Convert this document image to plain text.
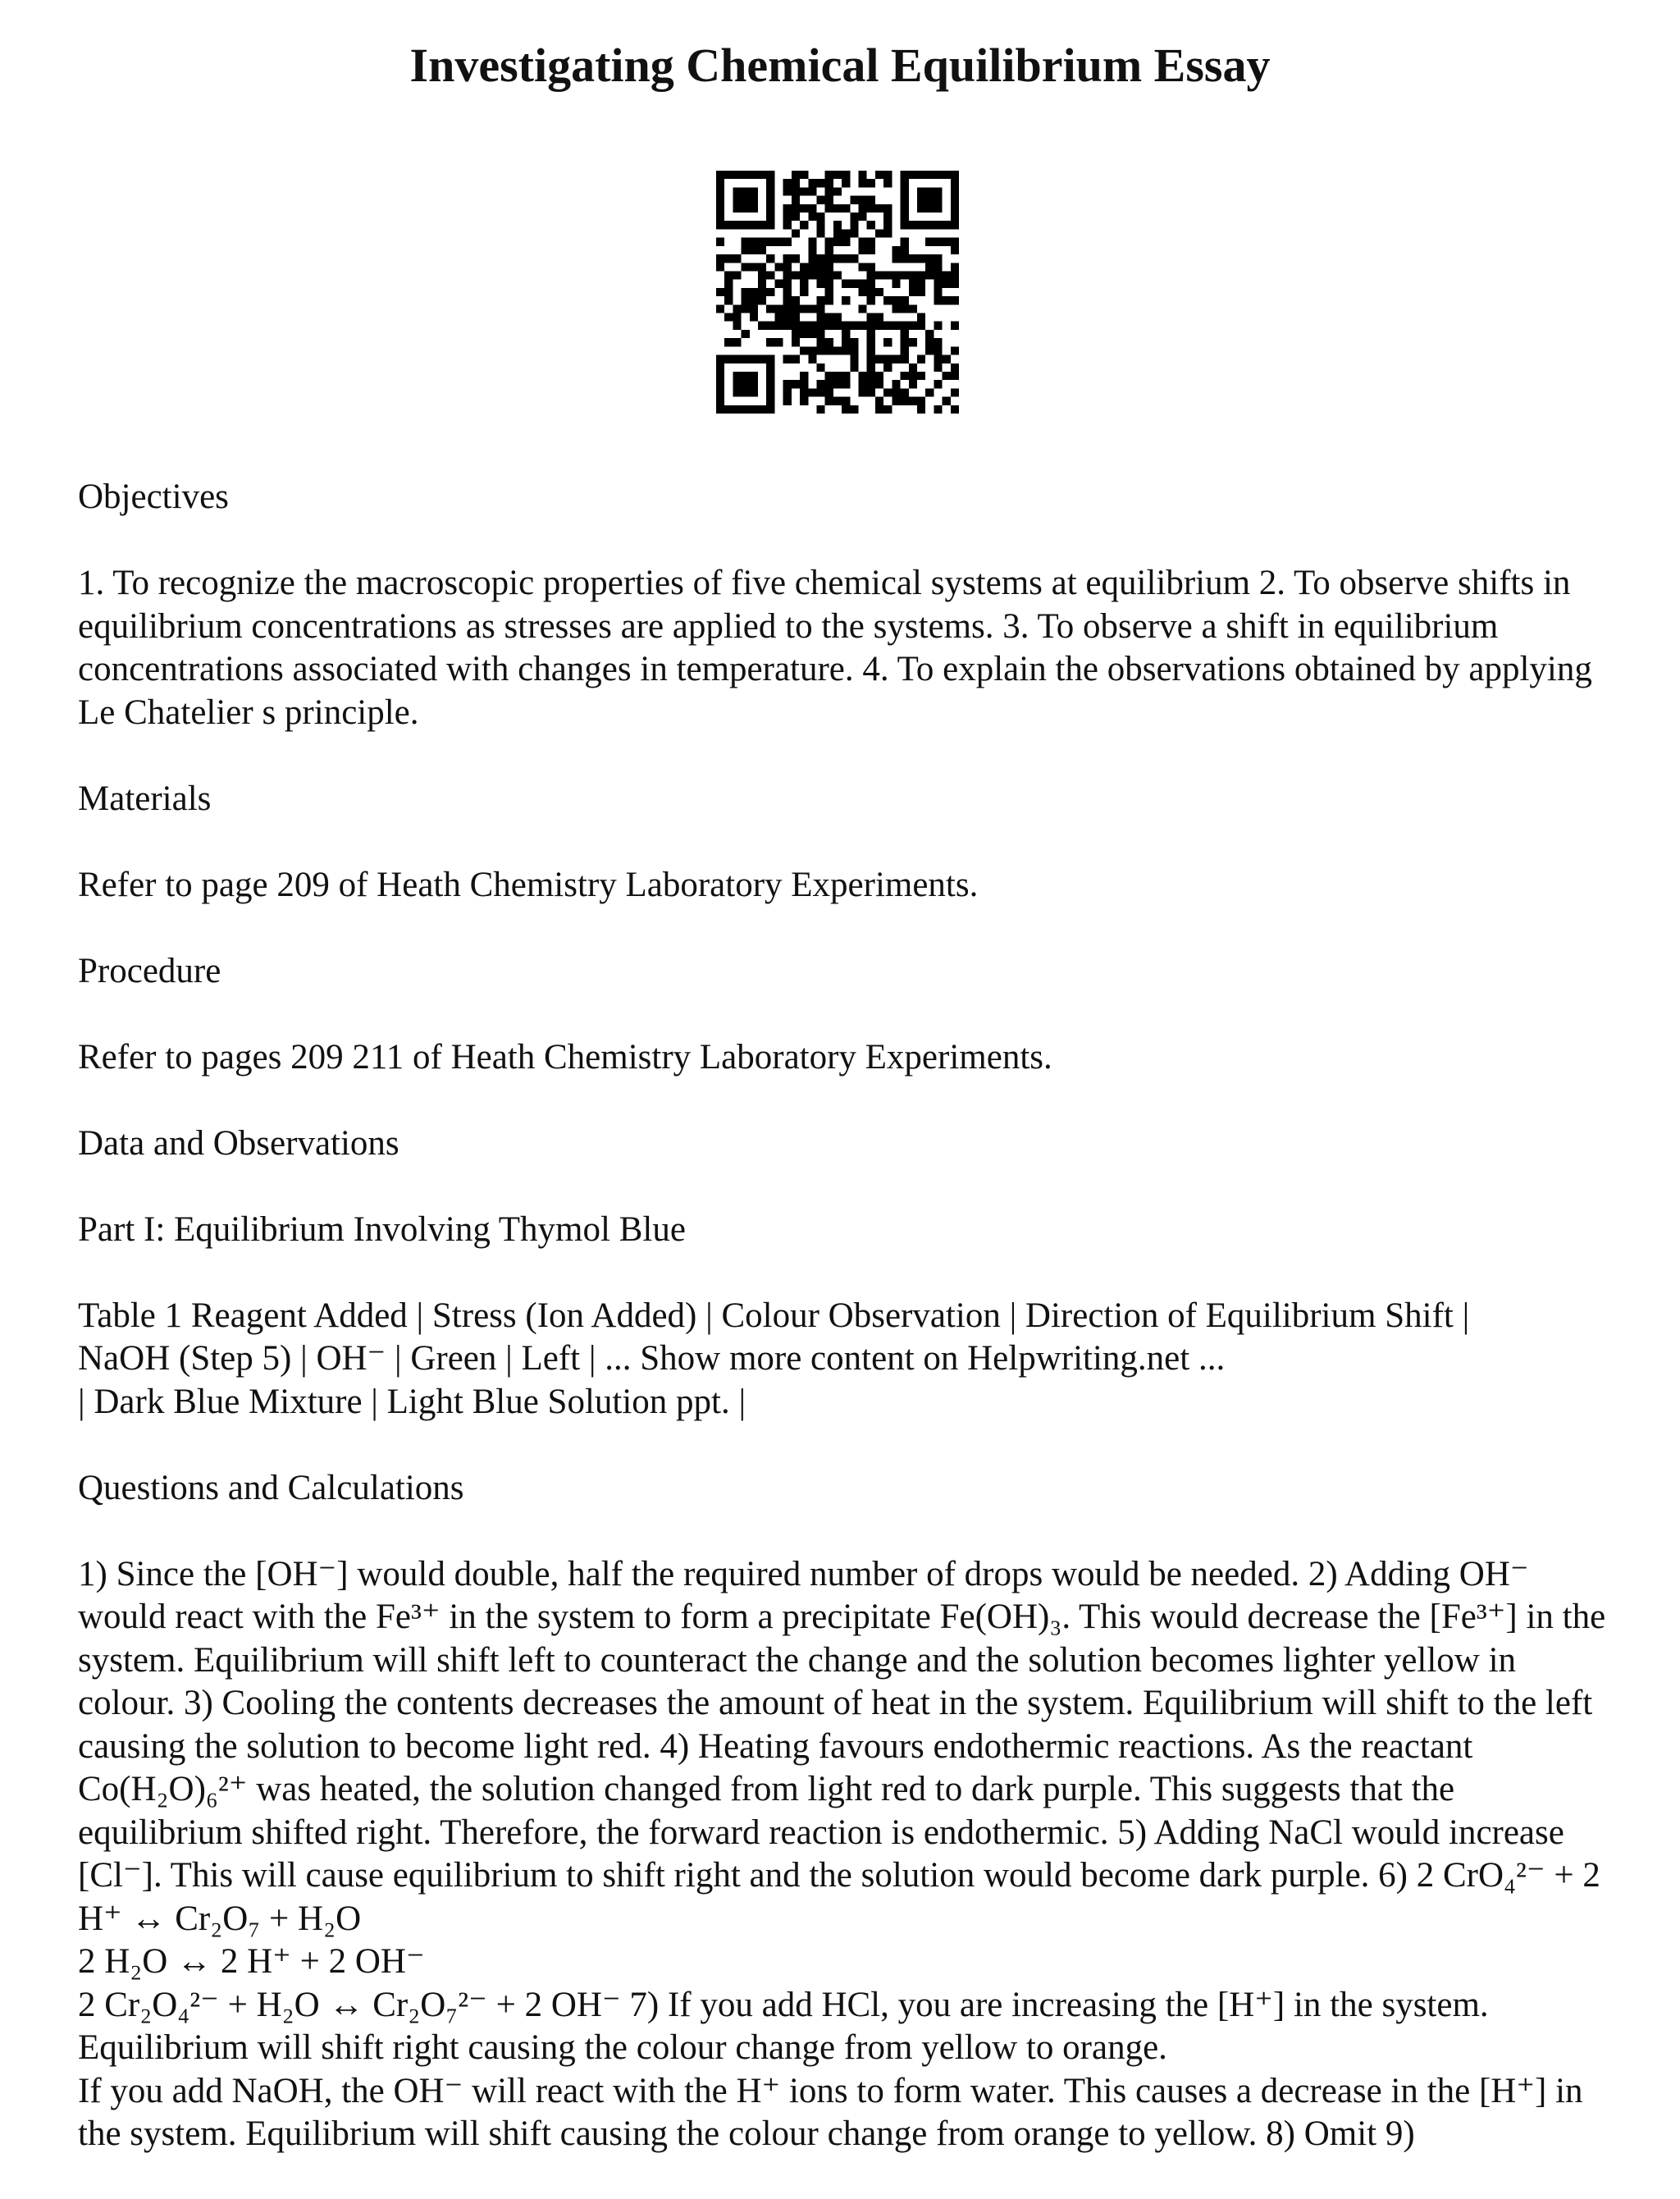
Investigating Chemical Equilibrium Essay

Objectives

1. To recognize the macroscopic properties of five chemical systems at equilibrium 2. To observe shifts in equilibrium concentrations as stresses are applied to the systems. 3. To observe a shift in equilibrium concentrations associated with changes in temperature. 4. To explain the observations obtained by applying Le Chatelier s principle.

Materials

Refer to page 209 of Heath Chemistry Laboratory Experiments.

Procedure

Refer to pages 209 211 of Heath Chemistry Laboratory Experiments.

Data and Observations

Part I: Equilibrium Involving Thymol Blue

Table 1 Reagent Added | Stress (Ion Added) | Colour Observation | Direction of Equilibrium Shift |
NaOH (Step 5) | OH⁻ | Green | Left | ... Show more content on Helpwriting.net ...
| Dark Blue Mixture | Light Blue Solution ppt. |

Questions and Calculations

1) Since the [OH⁻] would double, half the required number of drops would be needed. 2) Adding OH⁻ would react with the Fe³⁺ in the system to form a precipitate Fe(OH)₃. This would decrease the [Fe³⁺] in the system. Equilibrium will shift left to counteract the change and the solution becomes lighter yellow in colour. 3) Cooling the contents decreases the amount of heat in the system. Equilibrium will shift to the left causing the solution to become light red. 4) Heating favours endothermic reactions. As the reactant Co(H₂O)₆²⁺ was heated, the solution changed from light red to dark purple. This suggests that the equilibrium shifted right. Therefore, the forward reaction is endothermic. 5) Adding NaCl would increase [Cl⁻]. This will cause equilibrium to shift right and the solution would become dark purple. 6) 2 CrO₄²⁻ + 2 H⁺ ↔ Cr₂O₇ + H₂O
2 H₂O ↔ 2 H⁺ + 2 OH⁻
2 Cr₂O₄²⁻ + H₂O ↔ Cr₂O₇²⁻ + 2 OH⁻ 7) If you add HCl, you are increasing the [H⁺] in the system. Equilibrium will shift right causing the colour change from yellow to orange.
If you add NaOH, the OH⁻ will react with the H⁺ ions to form water. This causes a decrease in the [H⁺] in the system. Equilibrium will shift causing the colour change from orange to yellow. 8) Omit 9)
